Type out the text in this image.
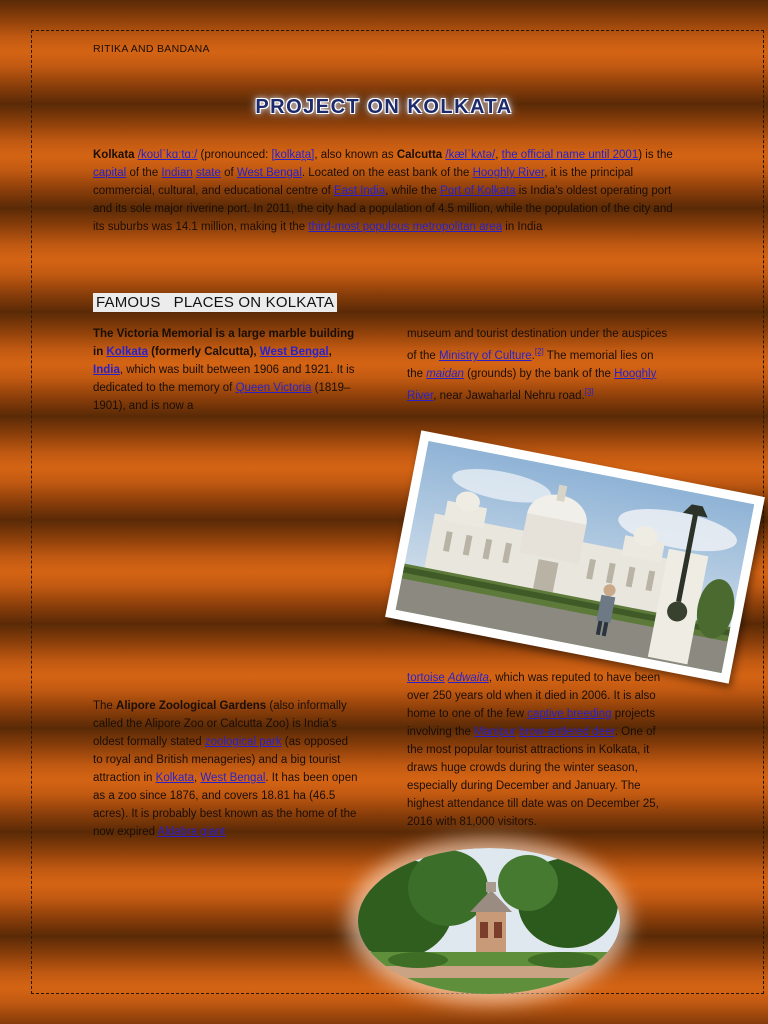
RITIKA AND BANDANA
PROJECT ON KOLKATA

Kolkata /koʊlˈkɑːtɑː/ (pronounced: [kolkat̪a], also known as Calcutta /kælˈkʌtə/, the official name until 2001) is the capital of the Indian state of West Bengal. Located on the east bank of the Hooghly River, it is the principal commercial, cultural, and educational centre of East India, while the Port of Kolkata is India's oldest operating port and its sole major riverine port. In 2011, the city had a population of 4.5 million, while the population of the city and its suburbs was 14.1 million, making it the third-most populous metropolitan area in India

FAMOUS   PLACES ON KOLKATA

The Victoria Memorial is a large marble building in Kolkata (formerly Calcutta), West Bengal, India, which was built between 1906 and 1921. It is dedicated to the memory of Queen Victoria (1819–1901), and is now a

museum and tourist destination under the auspices of the Ministry of Culture.[2] The memorial lies on the maidan (grounds) by the bank of the Hooghly River, near Jawaharlal Nehru road.[3]

The Alipore Zoological Gardens (also informally called the Alipore Zoo or Calcutta Zoo) is India's oldest formally stated zoological park (as opposed to royal and British menageries) and a big tourist attraction in Kolkata, West Bengal. It has been open as a zoo since 1876, and covers 18.81 ha (46.5 acres). It is probably best known as the home of the now expired Aldabra giant

tortoise Adwaita, which was reputed to have been over 250 years old when it died in 2006. It is also home to one of the few captive breeding projects involving the Manipur brow-antlered deer. One of the most popular tourist attractions in Kolkata, it draws huge crowds during the winter season, especially during December and January. The highest attendance till date was on December 25, 2016 with 81,000 visitors.
